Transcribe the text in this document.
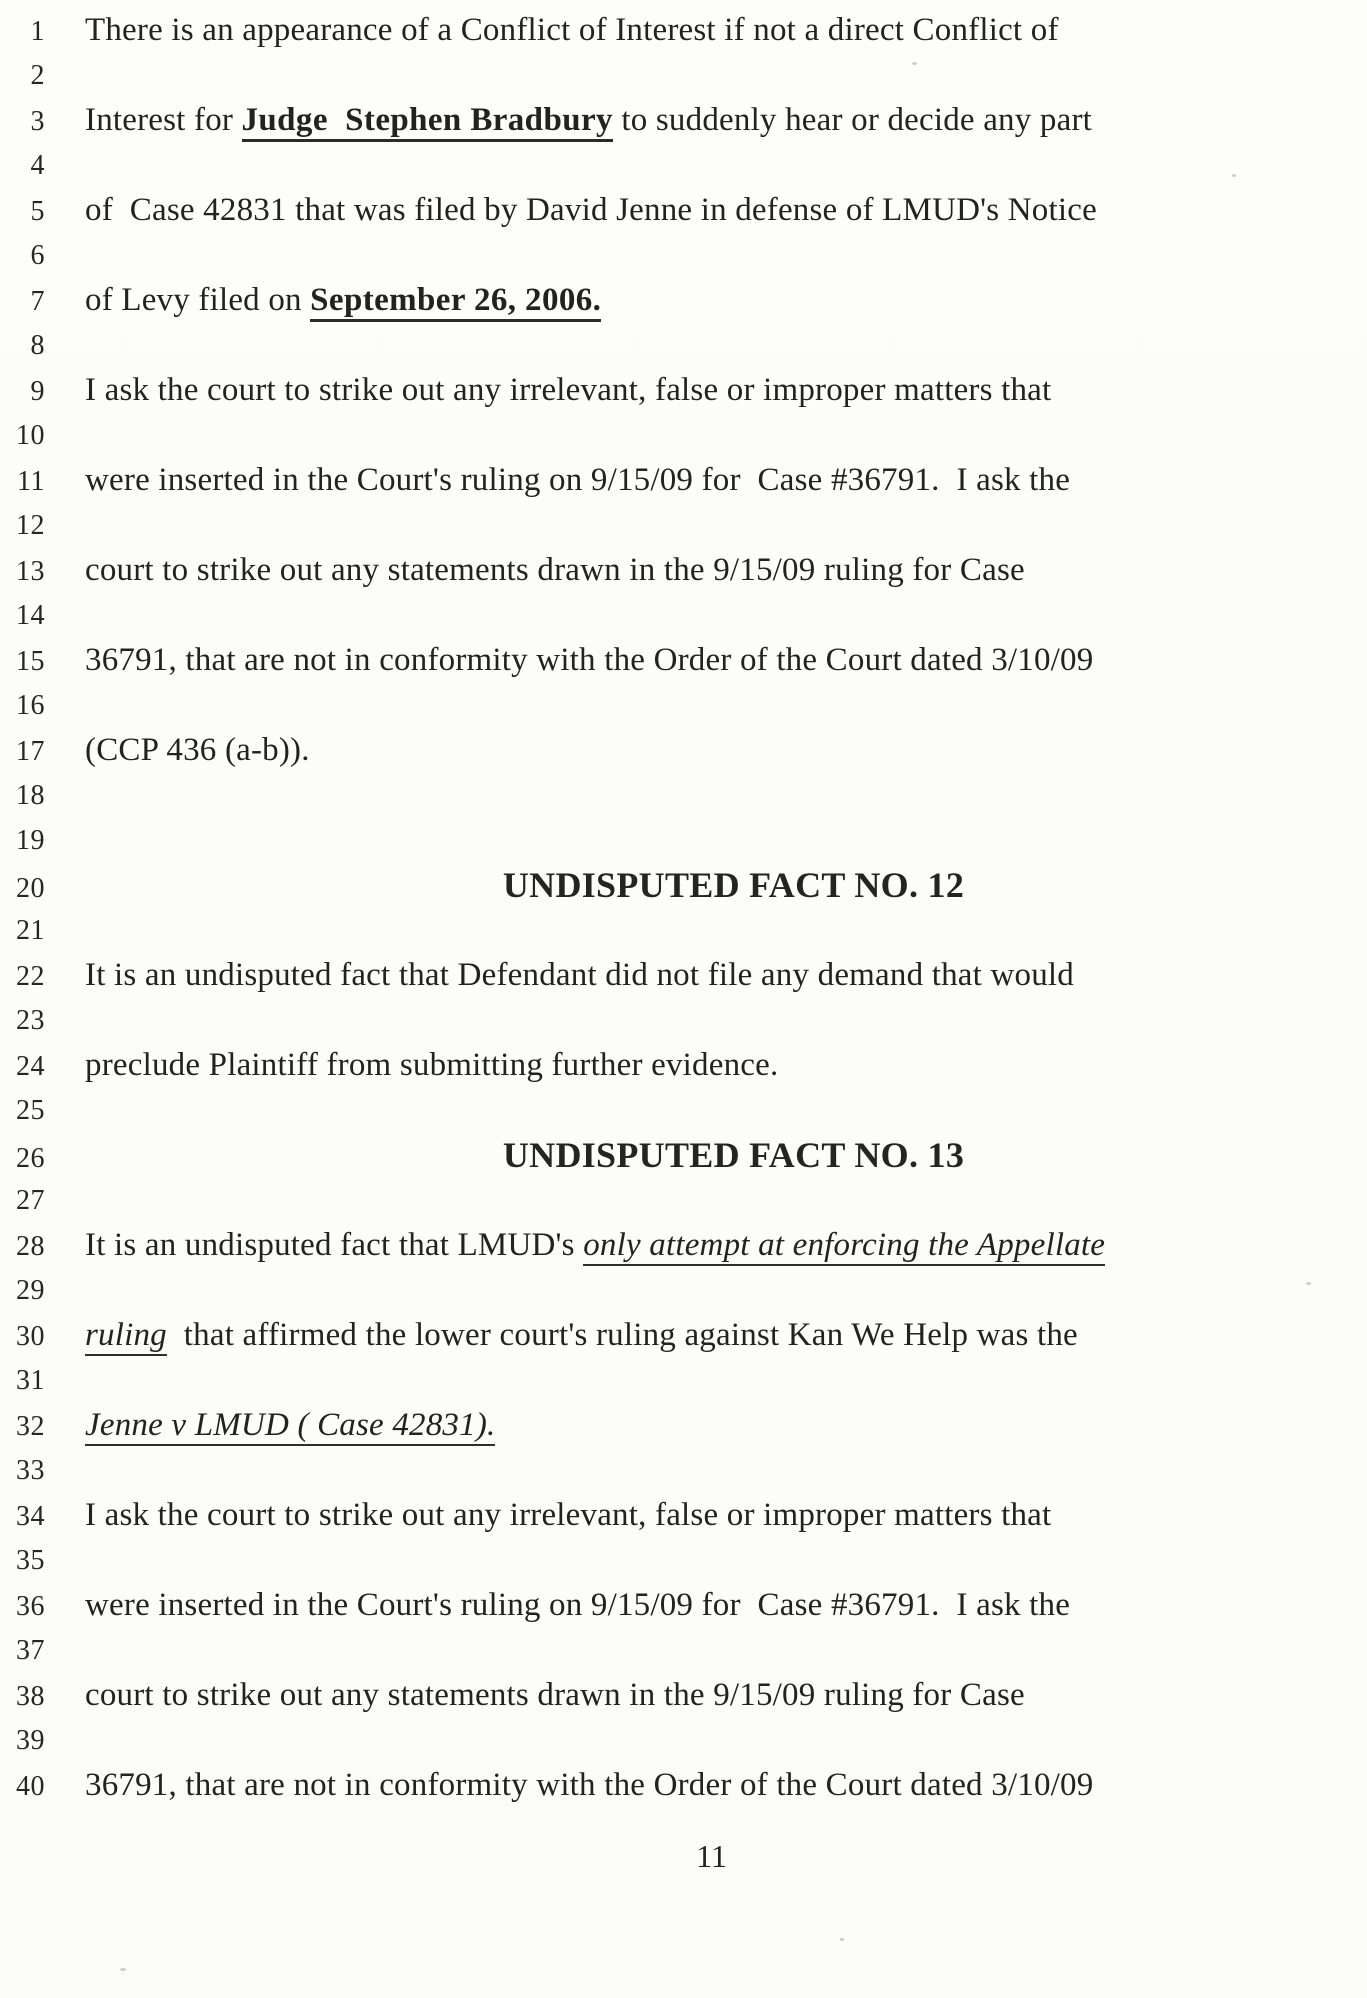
1 There is an appearance of a Conflict of Interest if not a direct Conflict of
2
3 Interest for Judge  Stephen Bradbury to suddenly hear or decide any part
4
5 of  Case 42831 that was filed by David Jenne in defense of LMUD's Notice
6
7 of Levy filed on September 26, 2006.
8
9 I ask the court to strike out any irrelevant, false or improper matters that
10
11 were inserted in the Court's ruling on 9/15/09 for  Case #36791.  I ask the
12
13 court to strike out any statements drawn in the 9/15/09 ruling for Case
14
15 36791, that are not in conformity with the Order of the Court dated 3/10/09
16
17 (CCP 436 (a-b)).
18
19
20	UNDISPUTED FACT NO. 12
21
22 It is an undisputed fact that Defendant did not file any demand that would
23
24 preclude Plaintiff from submitting further evidence.
25
26	UNDISPUTED FACT NO. 13
27
28 It is an undisputed fact that LMUD's only attempt at enforcing the Appellate
29
30 ruling  that affirmed the lower court's ruling against Kan We Help was the
31
32 Jenne v LMUD ( Case 42831).
33
34 I ask the court to strike out any irrelevant, false or improper matters that
35
36 were inserted in the Court's ruling on 9/15/09 for  Case #36791.  I ask the
37
38 court to strike out any statements drawn in the 9/15/09 ruling for Case
39
40 36791, that are not in conformity with the Order of the Court dated 3/10/09
11
